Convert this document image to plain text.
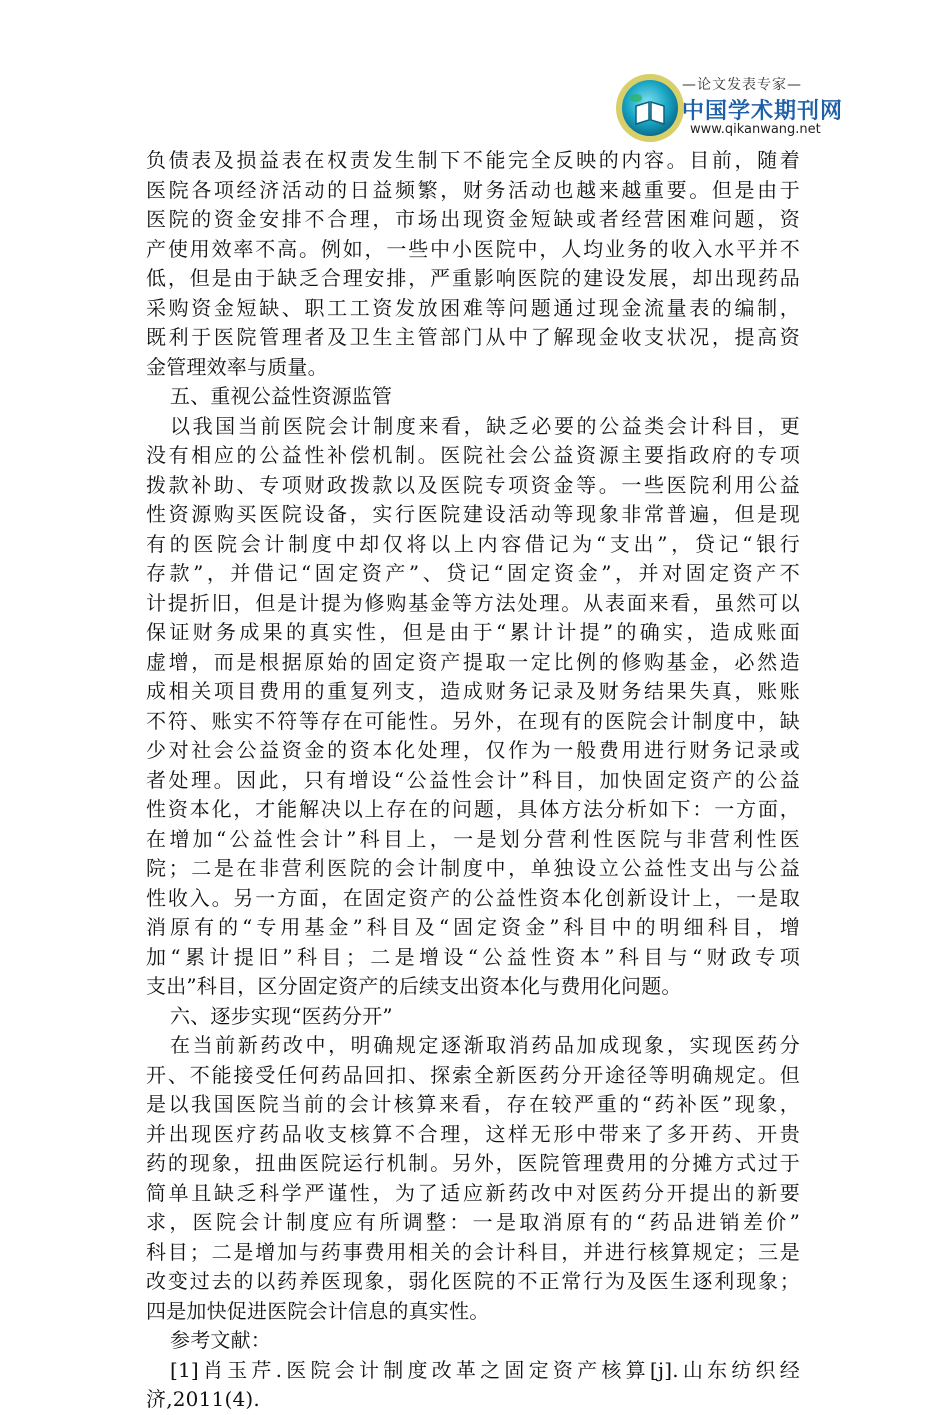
—论文发表专家—
中国学术期刊网
www.qikanwang.net
负债表及损益表在权责发生制下不能完全反映的内容。目前，随着
医院各项经济活动的日益频繁，财务活动也越来越重要。但是由于
医院的资金安排不合理，市场出现资金短缺或者经营困难问题，资
产使用效率不高。例如，一些中小医院中，人均业务的收入水平并不
低，但是由于缺乏合理安排，严重影响医院的建设发展，却出现药品
采购资金短缺、职工工资发放困难等问题通过现金流量表的编制，
既利于医院管理者及卫生主管部门从中了解现金收支状况，提高资
金管理效率与质量。
五、重视公益性资源监管
以我国当前医院会计制度来看，缺乏必要的公益类会计科目，更
没有相应的公益性补偿机制。医院社会公益资源主要指政府的专项
拨款补助、专项财政拨款以及医院专项资金等。一些医院利用公益
性资源购买医院设备，实行医院建设活动等现象非常普遍，但是现
有的医院会计制度中却仅将以上内容借记为“支出”，贷记“银行
存款”，并借记“固定资产”、贷记“固定资金”，并对固定资产不
计提折旧，但是计提为修购基金等方法处理。从表面来看，虽然可以
保证财务成果的真实性，但是由于“累计计提”的确实，造成账面
虚增，而是根据原始的固定资产提取一定比例的修购基金，必然造
成相关项目费用的重复列支，造成财务记录及财务结果失真，账账
不符、账实不符等存在可能性。另外，在现有的医院会计制度中，缺
少对社会公益资金的资本化处理，仅作为一般费用进行财务记录或
者处理。因此，只有增设“公益性会计”科目，加快固定资产的公益
性资本化，才能解决以上存在的问题，具体方法分析如下：一方面，
在增加“公益性会计”科目上，一是划分营利性医院与非营利性医
院；二是在非营利医院的会计制度中，单独设立公益性支出与公益
性收入。另一方面，在固定资产的公益性资本化创新设计上，一是取
消原有的“专用基金”科目及“固定资金”科目中的明细科目，增
加“累计提旧”科目；二是增设“公益性资本”科目与“财政专项
支出”科目，区分固定资产的后续支出资本化与费用化问题。
六、逐步实现“医药分开”
在当前新药改中，明确规定逐渐取消药品加成现象，实现医药分
开、不能接受任何药品回扣、探索全新医药分开途径等明确规定。但
是以我国医院当前的会计核算来看，存在较严重的“药补医”现象，
并出现医疗药品收支核算不合理，这样无形中带来了多开药、开贵
药的现象，扭曲医院运行机制。另外，医院管理费用的分摊方式过于
简单且缺乏科学严谨性，为了适应新药改中对医药分开提出的新要
求，医院会计制度应有所调整：一是取消原有的“药品进销差价”
科目；二是增加与药事费用相关的会计科目，并进行核算规定；三是
改变过去的以药养医现象，弱化医院的不正常行为及医生逐利现象；
四是加快促进医院会计信息的真实性。
参考文献：
[1]肖玉芹.医院会计制度改革之固定资产核算[j].山东纺织经
济,2011(4).
